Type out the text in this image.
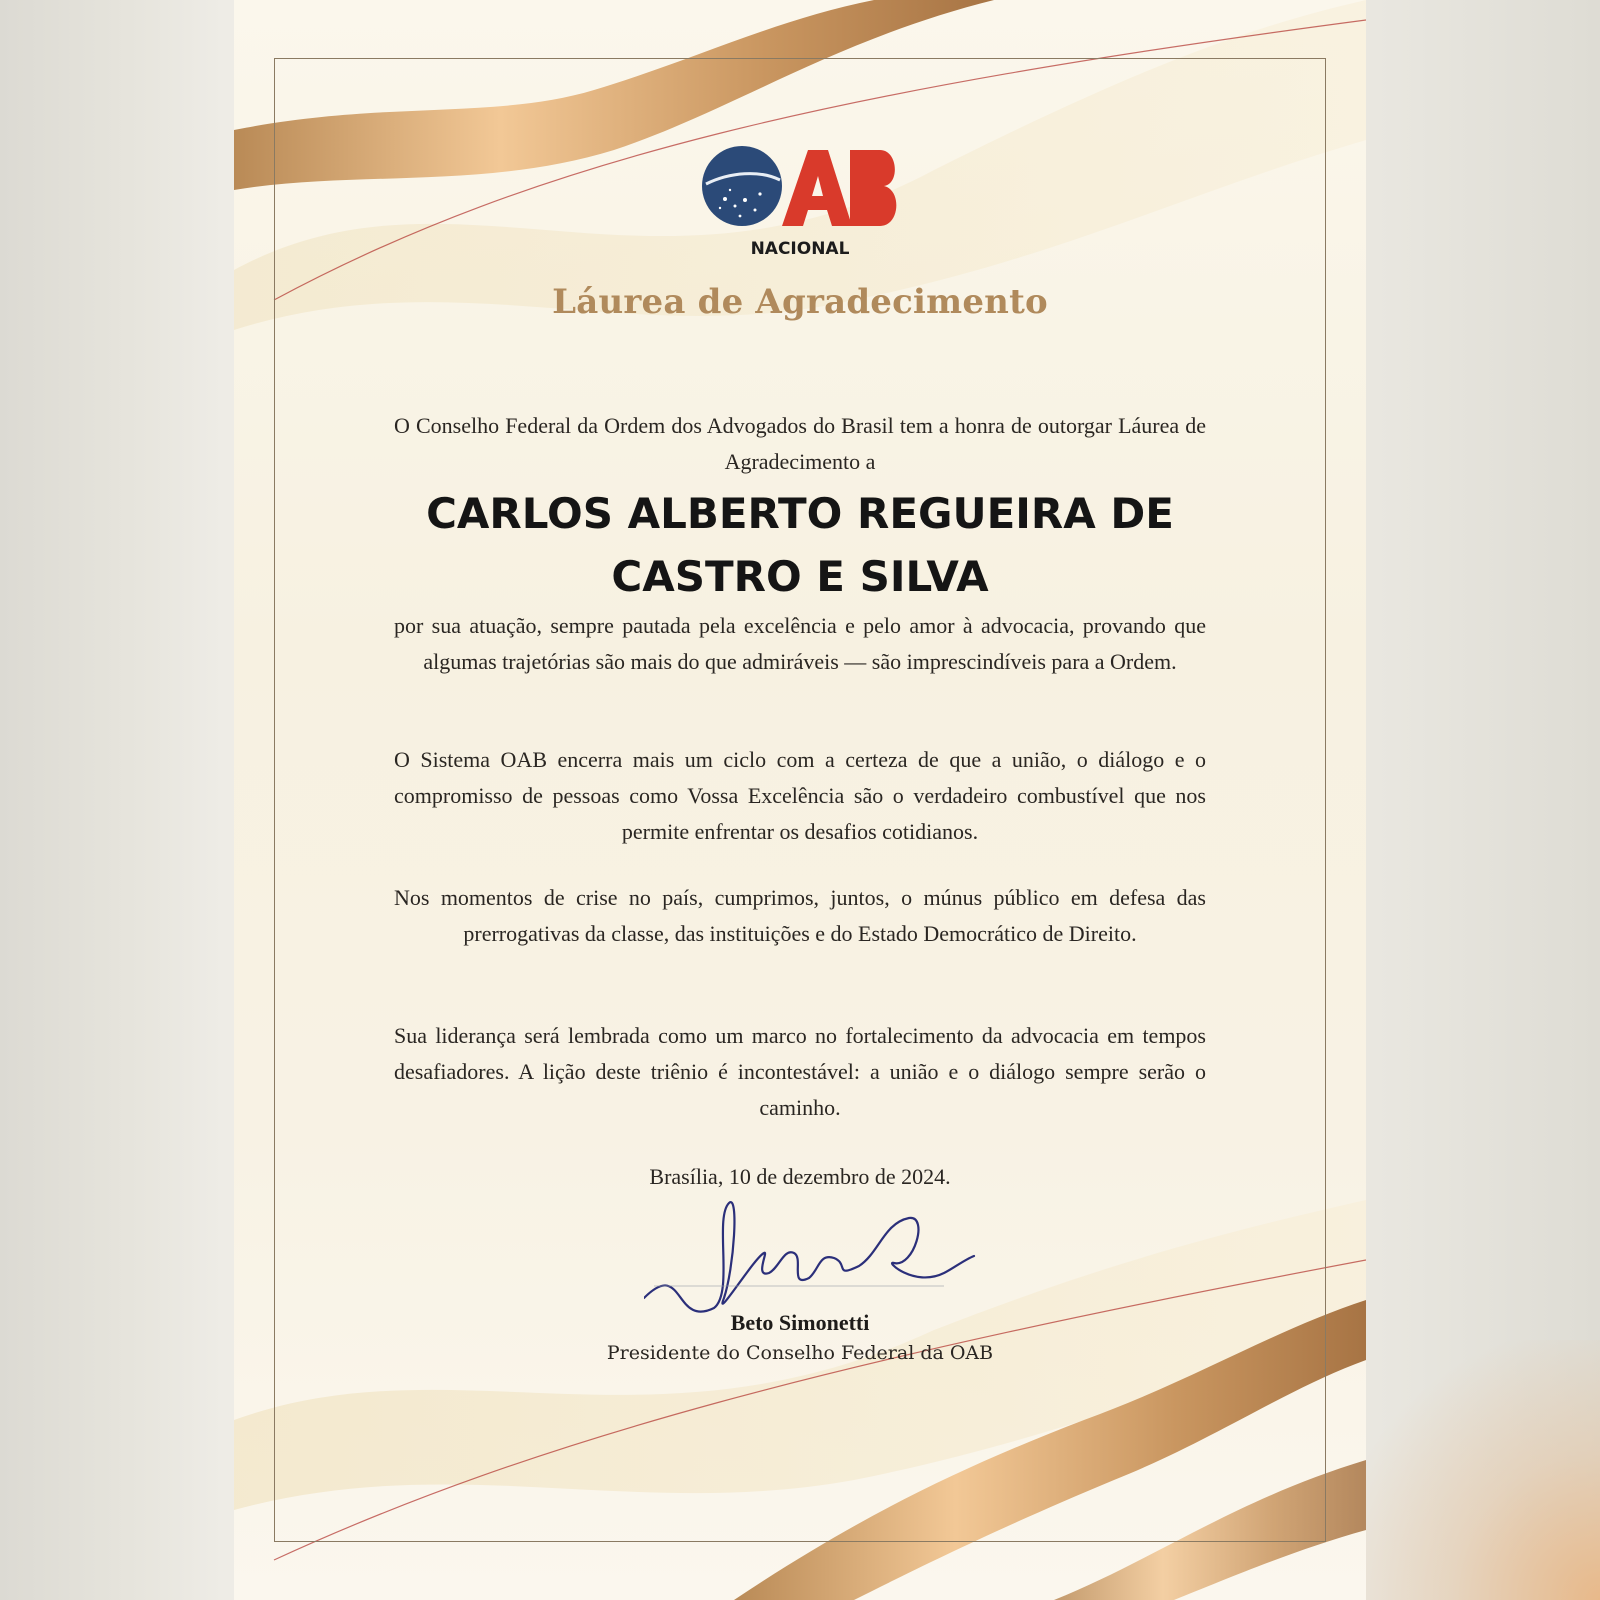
NACIONAL
Láurea de Agradecimento
O Conselho Federal da Ordem dos Advogados do Brasil tem a honra de outorgar Láurea de Agradecimento a
CARLOS ALBERTO REGUEIRA DE
CASTRO E SILVA
por sua atuação, sempre pautada pela excelência e pelo amor à advocacia, provando que algumas trajetórias são mais do que admiráveis — são imprescindíveis para a Ordem.
O Sistema OAB encerra mais um ciclo com a certeza de que a união, o diálogo e o compromisso de pessoas como Vossa Excelência são o verdadeiro combustível que nos permite enfrentar os desafios cotidianos.
Nos momentos de crise no país, cumprimos, juntos, o múnus público em defesa das prerrogativas da classe, das instituições e do Estado Democrático de Direito.
Sua liderança será lembrada como um marco no fortalecimento da advocacia em tempos desafiadores. A lição deste triênio é incontestável: a união e o diálogo sempre serão o caminho.
Brasília, 10 de dezembro de 2024.
Beto Simonetti
Presidente do Conselho Federal da OAB
